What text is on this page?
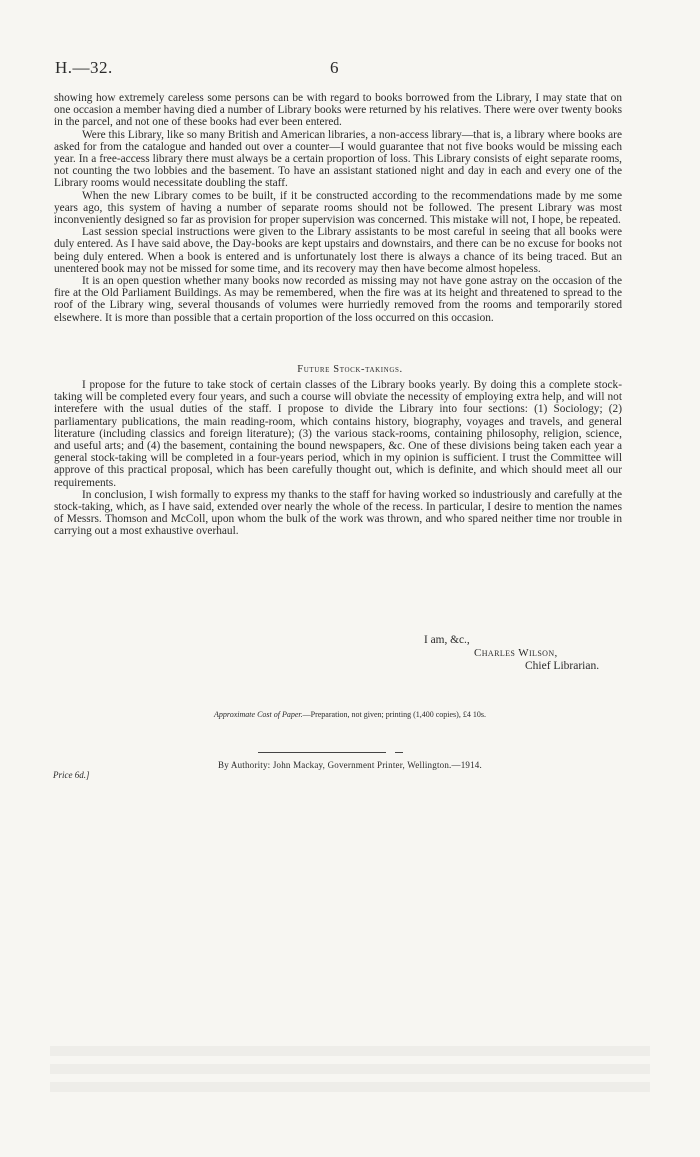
H.—32.	6

showing how extremely careless some persons can be with regard to books borrowed from the Library, I may state that on one occasion a member having died a number of Library books were returned by his relatives. There were over twenty books in the parcel, and not one of these books had ever been entered.

Were this Library, like so many British and American libraries, a non-access library—that is, a library where books are asked for from the catalogue and handed out over a counter—I would guarantee that not five books would be missing each year. In a free-access library there must always be a certain proportion of loss. This Library consists of eight separate rooms, not counting the two lobbies and the basement. To have an assistant stationed night and day in each and every one of the Library rooms would necessitate doubling the staff.

When the new Library comes to be built, if it be constructed according to the recommendations made by me some years ago, this system of having a number of separate rooms should not be followed. The present Library was most inconveniently designed so far as provision for proper supervision was concerned. This mistake will not, I hope, be repeated.

Last session special instructions were given to the Library assistants to be most careful in seeing that all books were duly entered. As I have said above, the Day-books are kept upstairs and downstairs, and there can be no excuse for books not being duly entered. When a book is entered and is unfortunately lost there is always a chance of its being traced. But an unentered book may not be missed for some time, and its recovery may then have become almost hopeless.

It is an open question whether many books now recorded as missing may not have gone astray on the occasion of the fire at the Old Parliament Buildings. As may be remembered, when the fire was at its height and threatened to spread to the roof of the Library wing, several thousands of volumes were hurriedly removed from the rooms and temporarily stored elsewhere. It is more than possible that a certain proportion of the loss occurred on this occasion.

Future Stock-takings.

I propose for the future to take stock of certain classes of the Library books yearly. By doing this a complete stock-taking will be completed every four years, and such a course will obviate the necessity of employing extra help, and will not interefere with the usual duties of the staff. I propose to divide the Library into four sections: (1) Sociology; (2) parliamentary publications, the main reading-room, which contains history, biography, voyages and travels, and general literature (including classics and foreign literature); (3) the various stack-rooms, containing philosophy, religion, science, and useful arts; and (4) the basement, containing the bound newspapers, &c. One of these divisions being taken each year a general stock-taking will be completed in a four-years period, which in my opinion is sufficient. I trust the Committee will approve of this practical proposal, which has been carefully thought out, which is definite, and which should meet all our requirements.

In conclusion, I wish formally to express my thanks to the staff for having worked so industriously and carefully at the stock-taking, which, as I have said, extended over nearly the whole of the recess. In particular, I desire to mention the names of Messrs. Thomson and McColl, upon whom the bulk of the work was thrown, and who spared neither time nor trouble in carrying out a most exhaustive overhaul.

I am, &c.,
Charles Wilson,
Chief Librarian.
Approximate Cost of Paper.—Preparation, not given; printing (1,400 copies), £4 10s.
By Authority: John Mackay, Government Printer, Wellington.—1914.
Price 6d.]
